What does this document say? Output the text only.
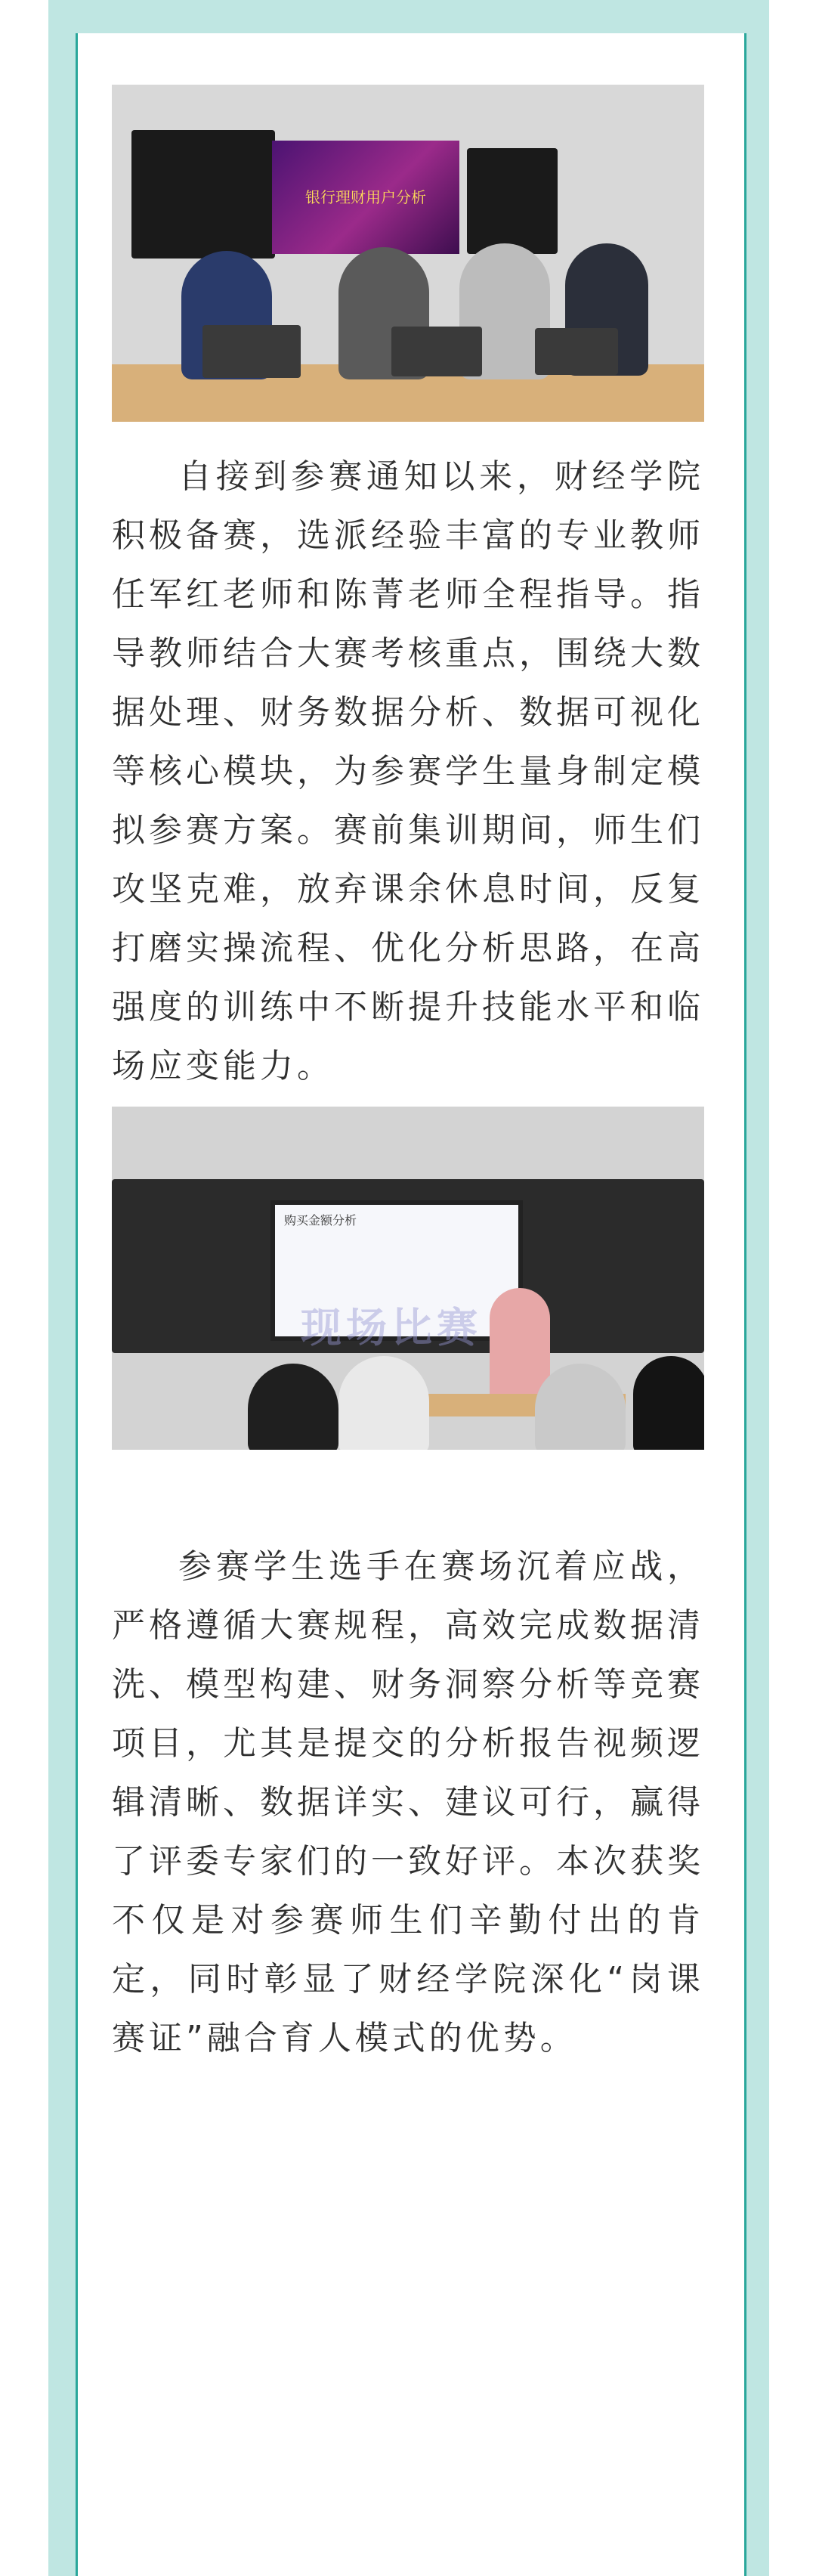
银行理财用户分析

自接到参赛通知以来，财经学院积极备赛，选派经验丰富的专业教师任军红老师和陈菁老师全程指导。指导教师结合大赛考核重点，围绕大数据处理、财务数据分析、数据可视化等核心模块，为参赛学生量身制定模拟参赛方案。赛前集训期间，师生们攻坚克难，放弃课余休息时间，反复打磨实操流程、优化分析思路，在高强度的训练中不断提升技能水平和临场应变能力。

购买金额分析
现场比赛

参赛学生选手在赛场沉着应战，严格遵循大赛规程，高效完成数据清洗、模型构建、财务洞察分析等竞赛项目，尤其是提交的分析报告视频逻辑清晰、数据详实、建议可行，赢得了评委专家们的一致好评。本次获奖不仅是对参赛师生们辛勤付出的肯定，同时彰显了财经学院深化“岗课赛证”融合育人模式的优势。
